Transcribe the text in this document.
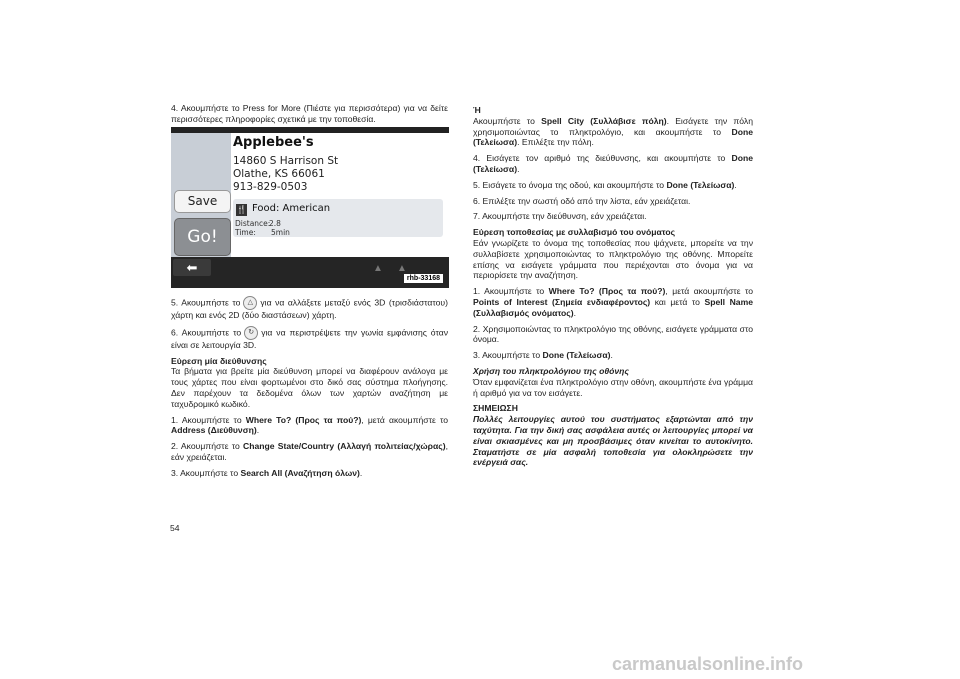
4. Ακουμπήστε το Press for More (Πιέστε για περισσότερα) για να δείτε περισσότερες πληροφορίες σχετικά με την τοποθεσία.

Save
Go!
Applebee's
14860 S Harrison St
Olathe, KS 66061
913-829-0503
🍴 Food: American
Distance:
2.8
Time: 5min
⬅	▲ ▲
rhb-33168

5. Ακουμπήστε το △ για να αλλάξετε μεταξύ ενός 3D (τρισδιάστατου) χάρτη και ενός 2D (δύο διαστάσεων) χάρτη.

6. Ακουμπήστε το ↻ για να περιστρέψετε την γωνία εμφάνισης όταν είναι σε λειτουργία 3D.

Εύρεση μία διεύθυνσης

Τα βήματα για βρείτε μία διεύθυνση μπορεί να διαφέρουν ανάλογα με τους χάρτες που είναι φορτωμένοι στο δικό σας σύστημα πλοήγησης. Δεν παρέχουν τα δεδομένα όλων των χαρτών αναζήτηση με ταχυδρομικό κωδικό.

1. Ακουμπήστε το Where To? (Προς τα πού?), μετά ακουμπήστε το Address (Διεύθυνση).

2. Ακουμπήστε το Change State/Country (Αλλαγή πολιτείας/χώρας), εάν χρειάζεται.

3. Ακουμπήστε το Search All (Αναζήτηση όλων).

Ή

Ακουμπήστε το Spell City (Συλλάβισε πόλη). Εισάγετε την πόλη χρησιμοποιώντας το πληκτρολόγιο, και ακουμπήστε το Done (Τελείωσα). Επιλέξτε την πόλη.

4. Εισάγετε τον αριθμό της διεύθυνσης, και ακουμπήστε το Done (Τελείωσα).

5. Εισάγετε το όνομα της οδού, και ακουμπήστε το Done (Τελείωσα).

6. Επιλέξτε την σωστή οδό από την λίστα, εάν χρειάζεται.

7. Ακουμπήστε την διεύθυνση, εάν χρειάζεται.

Εύρεση τοποθεσίας με συλλαβισμό του ονόματος

Εάν γνωρίζετε το όνομα της τοποθεσίας που ψάχνετε, μπορείτε να την συλλαβίσετε χρησιμοποιώντας το πληκτρολόγιο της οθόνης. Μπορείτε επίσης να εισάγετε γράμματα που περιέχονται στο όνομα για να περιορίσετε την αναζήτηση.

1. Ακουμπήστε το Where To? (Προς τα πού?), μετά ακουμπήστε το Points of Interest (Σημεία ενδιαφέροντος) και μετά το Spell Name (Συλλαβισμός ονόματος).

2. Χρησιμοποιώντας το πληκτρολόγιο της οθόνης, εισάγετε γράμματα στο όνομα.

3. Ακουμπήστε το Done (Τελείωσα).

Χρήση του πληκτρολόγιου της οθόνης

Όταν εμφανίζεται ένα πληκτρολόγιο στην οθόνη, ακουμπήστε ένα γράμμα ή αριθμό για να τον εισάγετε.

ΣΗΜΕΙΩΣΗ

Πολλές λειτουργίες αυτού του συστήματος εξαρτώνται από την ταχύτητα. Για την δική σας ασφάλεια αυτές οι λειτουργίες μπορεί να είναι σκιασμένες και μη προσβάσιμες όταν κινείται το αυτοκίνητο. Σταματήστε σε μία ασφαλή τοποθεσία για ολοκληρώσετε την ενέργειά σας.

54
carmanualsonline.info
